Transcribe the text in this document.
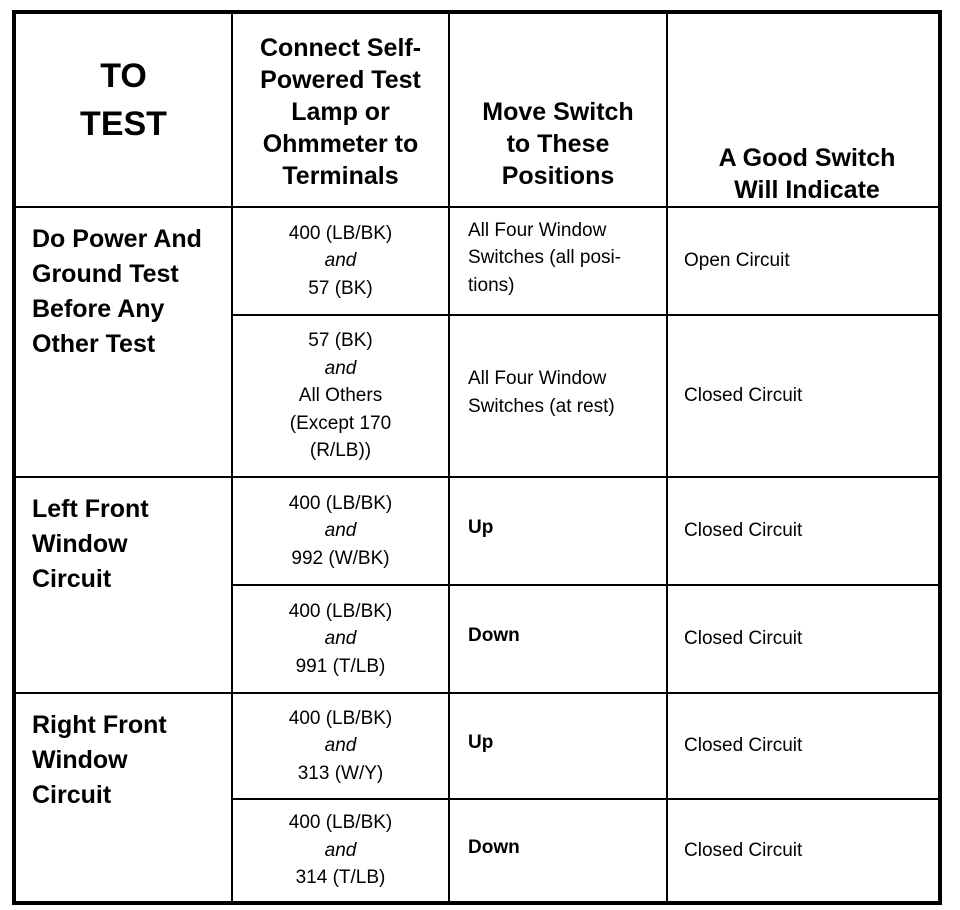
TO
TEST	Connect Self-
Powered Test
Lamp or
Ohmmeter to
Terminals	Move Switch
to These
Positions	A Good Switch
Will Indicate

Do Power And
Ground Test
Before Any
Other Test	400 (LB/BK)
and
57 (BK)	All Four Window
Switches (all posi-
tions)	Open Circuit

	57 (BK)
and
All Others
(Except 170
(R/LB))	All Four Window
Switches (at rest)	Closed Circuit

Left Front
Window
Circuit	400 (LB/BK)
and
992 (W/BK)	Up	Closed Circuit

	400 (LB/BK)
and
991 (T/LB)	Down	Closed Circuit

Right Front
Window
Circuit	400 (LB/BK)
and
313 (W/Y)	Up	Closed Circuit

	400 (LB/BK)
and
314 (T/LB)	Down	Closed Circuit
